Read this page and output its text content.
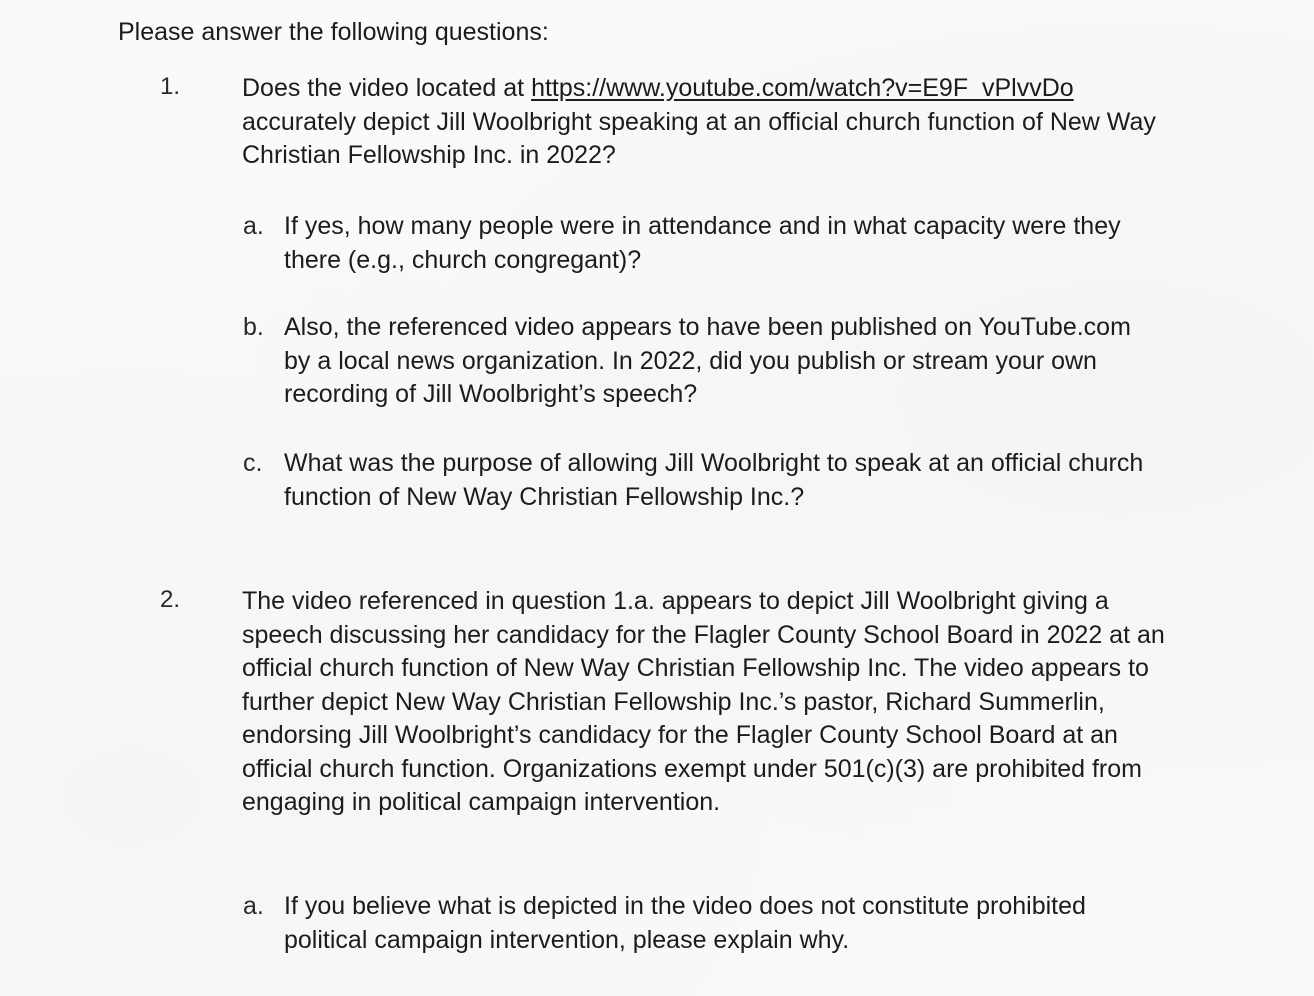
Please answer the following questions:

1. Does the video located at https://www.youtube.com/watch?v=E9F_vPlvvDo accurately depict Jill Woolbright speaking at an official church function of New Way Christian Fellowship Inc. in 2022?

a. If yes, how many people were in attendance and in what capacity were they there (e.g., church congregant)?
b. Also, the referenced video appears to have been published on YouTube.com by a local news organization. In 2022, did you publish or stream your own recording of Jill Woolbright’s speech?
c. What was the purpose of allowing Jill Woolbright to speak at an official church function of New Way Christian Fellowship Inc.?
2. The video referenced in question 1.a. appears to depict Jill Woolbright giving a speech discussing her candidacy for the Flagler County School Board in 2022 at an official church function of New Way Christian Fellowship Inc. The video appears to further depict New Way Christian Fellowship Inc.’s pastor, Richard Summerlin, endorsing Jill Woolbright’s candidacy for the Flagler County School Board at an official church function. Organizations exempt under 501(c)(3) are prohibited from engaging in political campaign intervention.

a. If you believe what is depicted in the video does not constitute prohibited political campaign intervention, please explain why.
